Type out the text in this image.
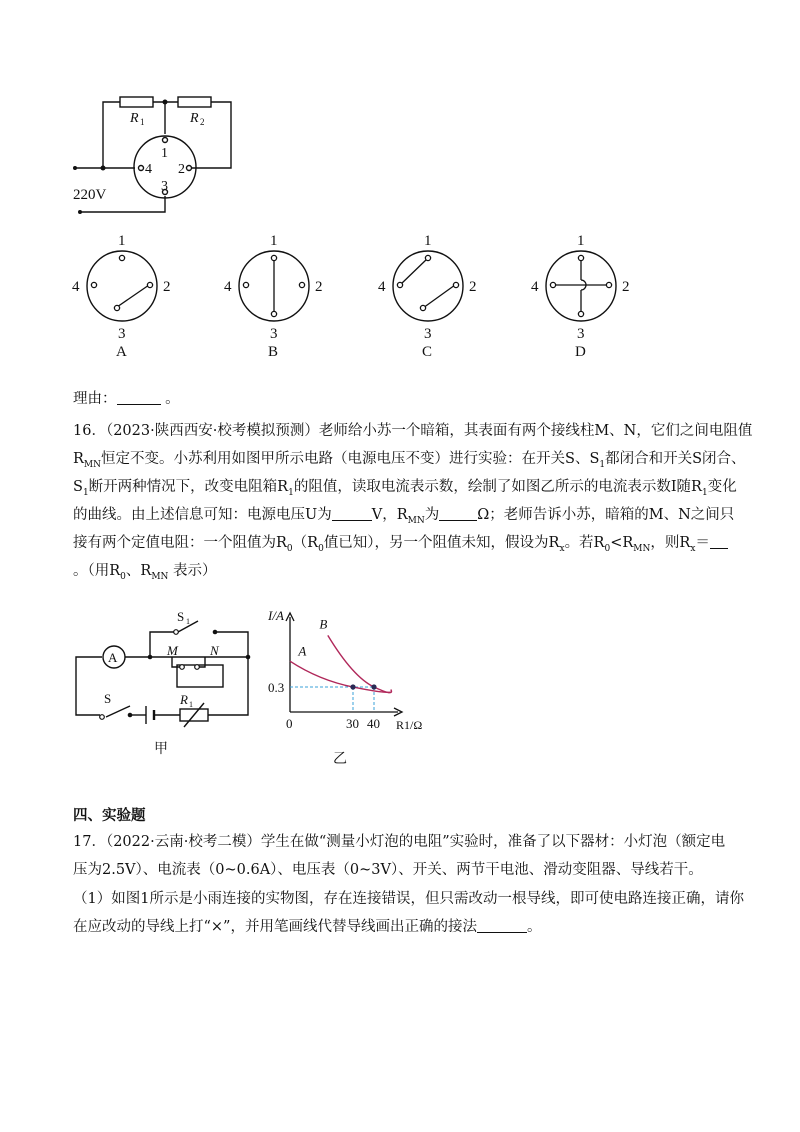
R 1	R 2
1
4 2
3
220V
1
4	2
3
A
1
4	2
3
B
1
4	2
3
C
1
4	2
3
D
理由：	。
16．（2023·陕西西安·校考模拟预测）老师给小苏一个暗箱，其表面有两个接线柱M、N，它们之间电阻值
$R_{MN}$恒定不变。小苏利用如图甲所示电路（电源电压不变）进行实验：在开关S、$S_1$都闭合和开关S闭合、
$S_1$断开两种情况下，改变电阻箱$R_1$的阻值，读取电流表示数，绘制了如图乙所示的电流表示数I随$R_1$变化
的曲线。由上述信息可知：电源电压U为	V，$R_{MN}$为	Ω；老师告诉小苏，暗箱的M、N之间只
接有两个定值电阻：一个阻值为$R_0(R_0$值已知），另一个阻值未知，假设为$R_x$。若$R_0<R_{MN}$，则$R_x=$
。（用$R_0$、$R_{MN}$ 表示）
A
S 1
M N
S	R 1
甲
A
B
0	30 40
0.3
I/A
R1/Ω
乙
四、实验题
17．（2022·云南·校考二模）学生在做“测量小灯泡的电阻”实验时，准备了以下器材：小灯泡（额定电
压为2.5V）、电流表（0~0.6A）、电压表（0~3V）、开关、两节干电池、滑动变阻器、导线若干。
（1）如图1所示是小雨连接的实物图，存在连接错误，但只需改动一根导线，即可使电路连接正确，请你
在应改动的导线上打“×”，并用笔画线代替导线画出正确的接法	。
